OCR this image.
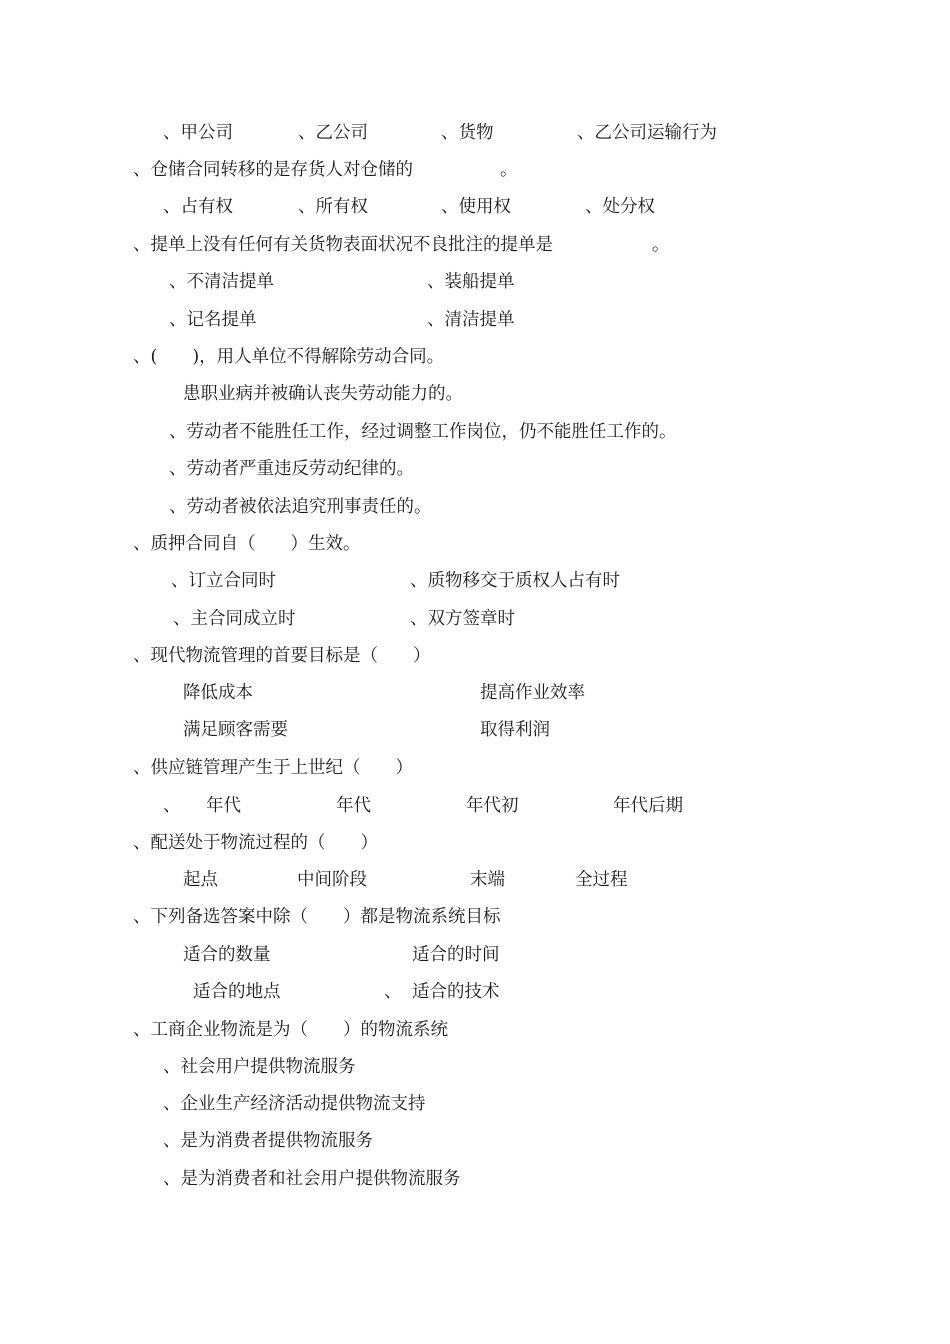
、甲公司	、乙公司	、货物	、乙公司运输行为
、仓储合同转移的是存货人对仓储的	。
、占有权	、所有权	、使用权	、处分权
、提单上没有任何有关货物表面状况不良批注的提单是	。
、不清洁提单	、装船提单
、记名提单	、清洁提单
、(　　)，用人单位不得解除劳动合同。
患职业病并被确认丧失劳动能力的。
、劳动者不能胜任工作，经过调整工作岗位，仍不能胜任工作的。
、劳动者严重违反劳动纪律的。
、劳动者被依法追究刑事责任的。
、质押合同自（　　）生效。
、订立合同时	、质物移交于质权人占有时
、主合同成立时	、双方签章时
、现代物流管理的首要目标是（　　）
降低成本	提高作业效率
满足顾客需要	取得利润
、供应链管理产生于上世纪（　　）
、 年代	年代	年代初	年代后期
、配送处于物流过程的（　　）
起点	中间阶段	末端	全过程
、下列备选答案中除（　　）都是物流系统目标
适合的数量	适合的时间
适合的地点	、 适合的技术
、工商企业物流是为（　　）的物流系统
、社会用户提供物流服务
、企业生产经济活动提供物流支持
、是为消费者提供物流服务
、是为消费者和社会用户提供物流服务
